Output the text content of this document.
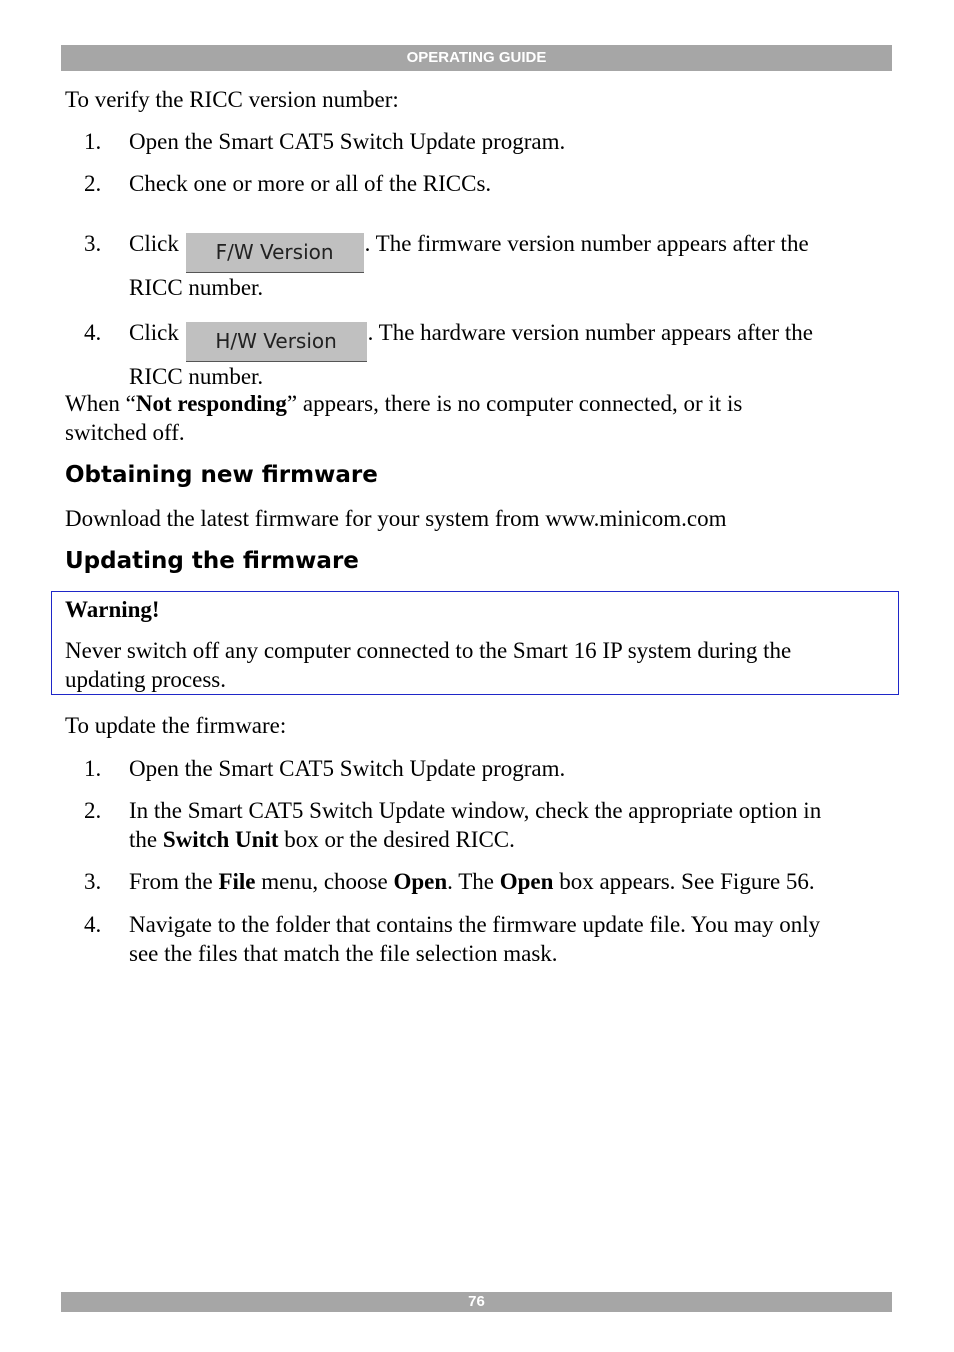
OPERATING GUIDE
To verify the RICC version number:
1. Open the Smart CAT5 Switch Update program.
2. Check one or more or all of the RICCs.
3. Click F/W Version . The firmware version number appears after the
RICC number.
4. Click H/W Version . The hardware version number appears after the
RICC number.
When “Not responding” appears, there is no computer connected, or it is
switched off.
Obtaining new firmware
Download the latest firmware for your system from www.minicom.com
Updating the firmware
Warning!
Never switch off any computer connected to the Smart 16 IP system during the
updating process.
To update the firmware:
1. Open the Smart CAT5 Switch Update program.
2. In the Smart CAT5 Switch Update window, check the appropriate option in
the Switch Unit box or the desired RICC.
3. From the File menu, choose Open. The Open box appears. See Figure 56.
4. Navigate to the folder that contains the firmware update file. You may only
see the files that match the file selection mask.
76
